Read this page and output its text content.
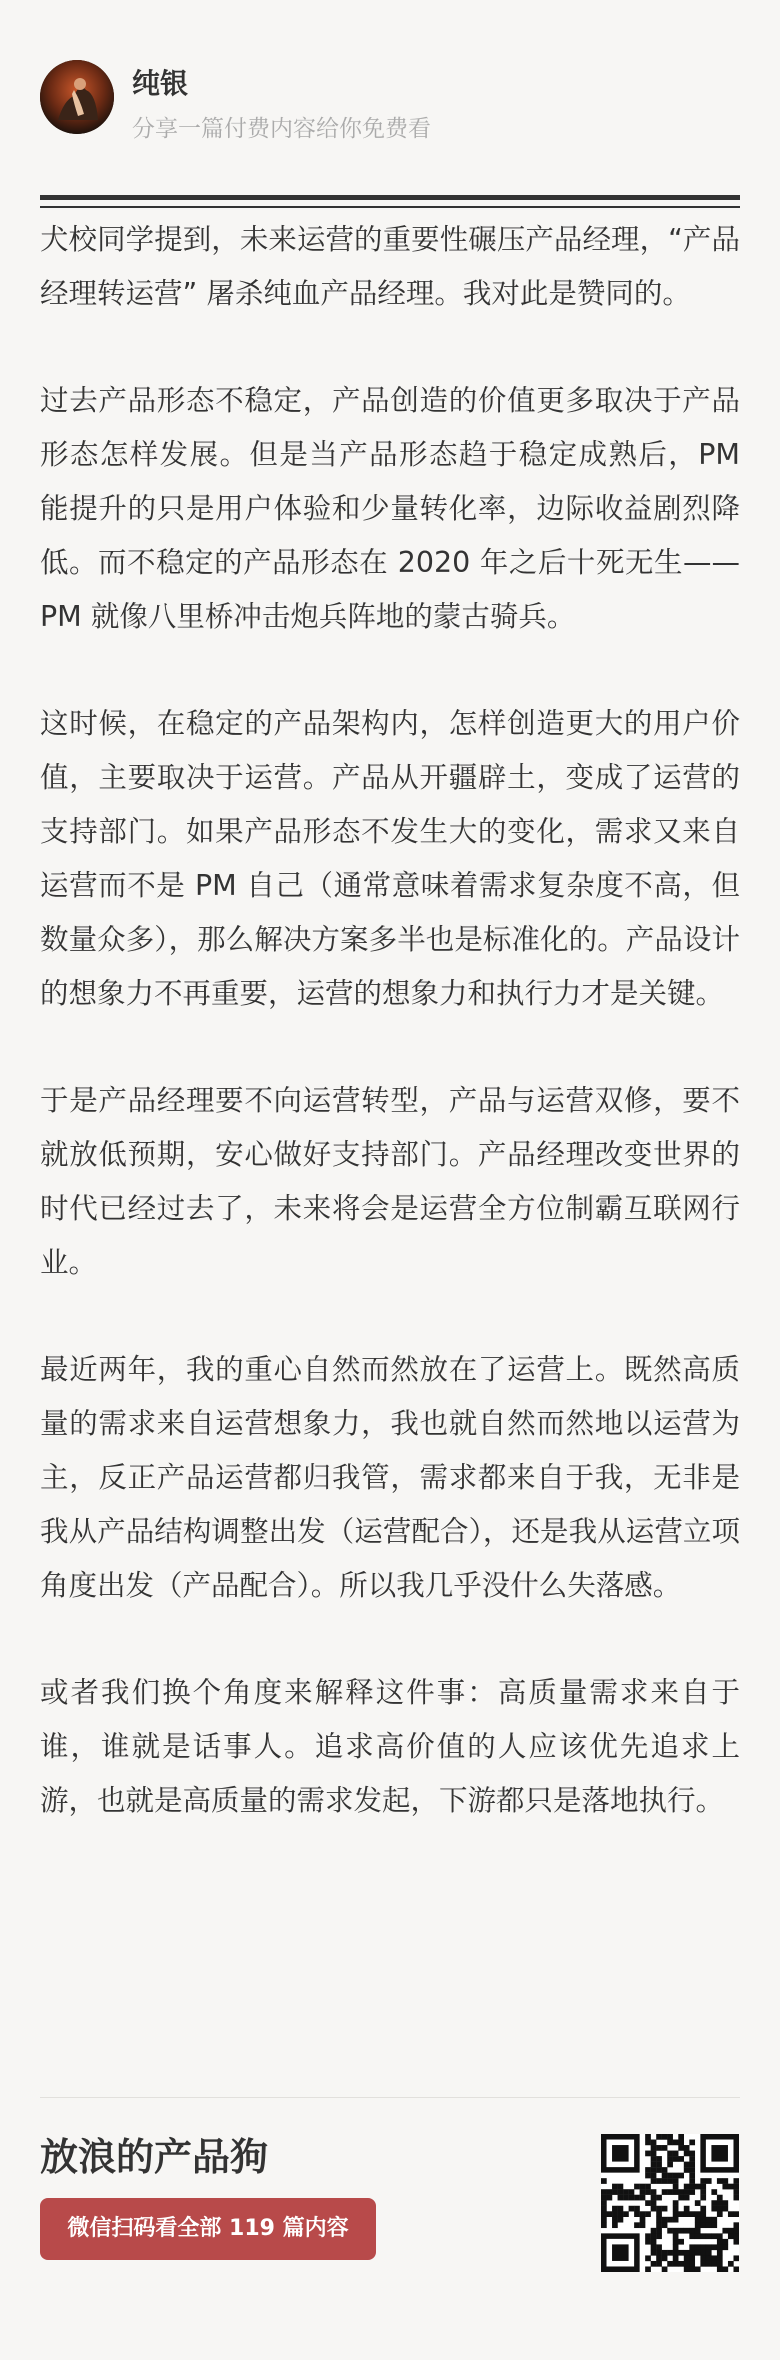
纯银
分享一篇付费内容给你免费看

犬校同学提到，未来运营的重要性碾压产品经理，“产品经理转运营” 屠杀纯血产品经理。我对此是赞同的。

过去产品形态不稳定，产品创造的价值更多取决于产品形态怎样发展。但是当产品形态趋于稳定成熟后，PM 能提升的只是用户体验和少量转化率，边际收益剧烈降低。而不稳定的产品形态在 2020 年之后十死无生——PM 就像八里桥冲击炮兵阵地的蒙古骑兵。

这时候，在稳定的产品架构内，怎样创造更大的用户价值，主要取决于运营。产品从开疆辟土，变成了运营的支持部门。如果产品形态不发生大的变化，需求又来自运营而不是 PM 自己（通常意味着需求复杂度不高，但数量众多），那么解决方案多半也是标准化的。产品设计的想象力不再重要，运营的想象力和执行力才是关键。

于是产品经理要不向运营转型，产品与运营双修，要不就放低预期，安心做好支持部门。产品经理改变世界的时代已经过去了，未来将会是运营全方位制霸互联网行业。

最近两年，我的重心自然而然放在了运营上。既然高质量的需求来自运营想象力，我也就自然而然地以运营为主，反正产品运营都归我管，需求都来自于我，无非是我从产品结构调整出发（运营配合），还是我从运营立项角度出发（产品配合）。所以我几乎没什么失落感。

或者我们换个角度来解释这件事：高质量需求来自于谁，谁就是话事人。追求高价值的人应该优先追求上游，也就是高质量的需求发起，下游都只是落地执行。

放浪的产品狗
微信扫码看全部 119 篇内容
